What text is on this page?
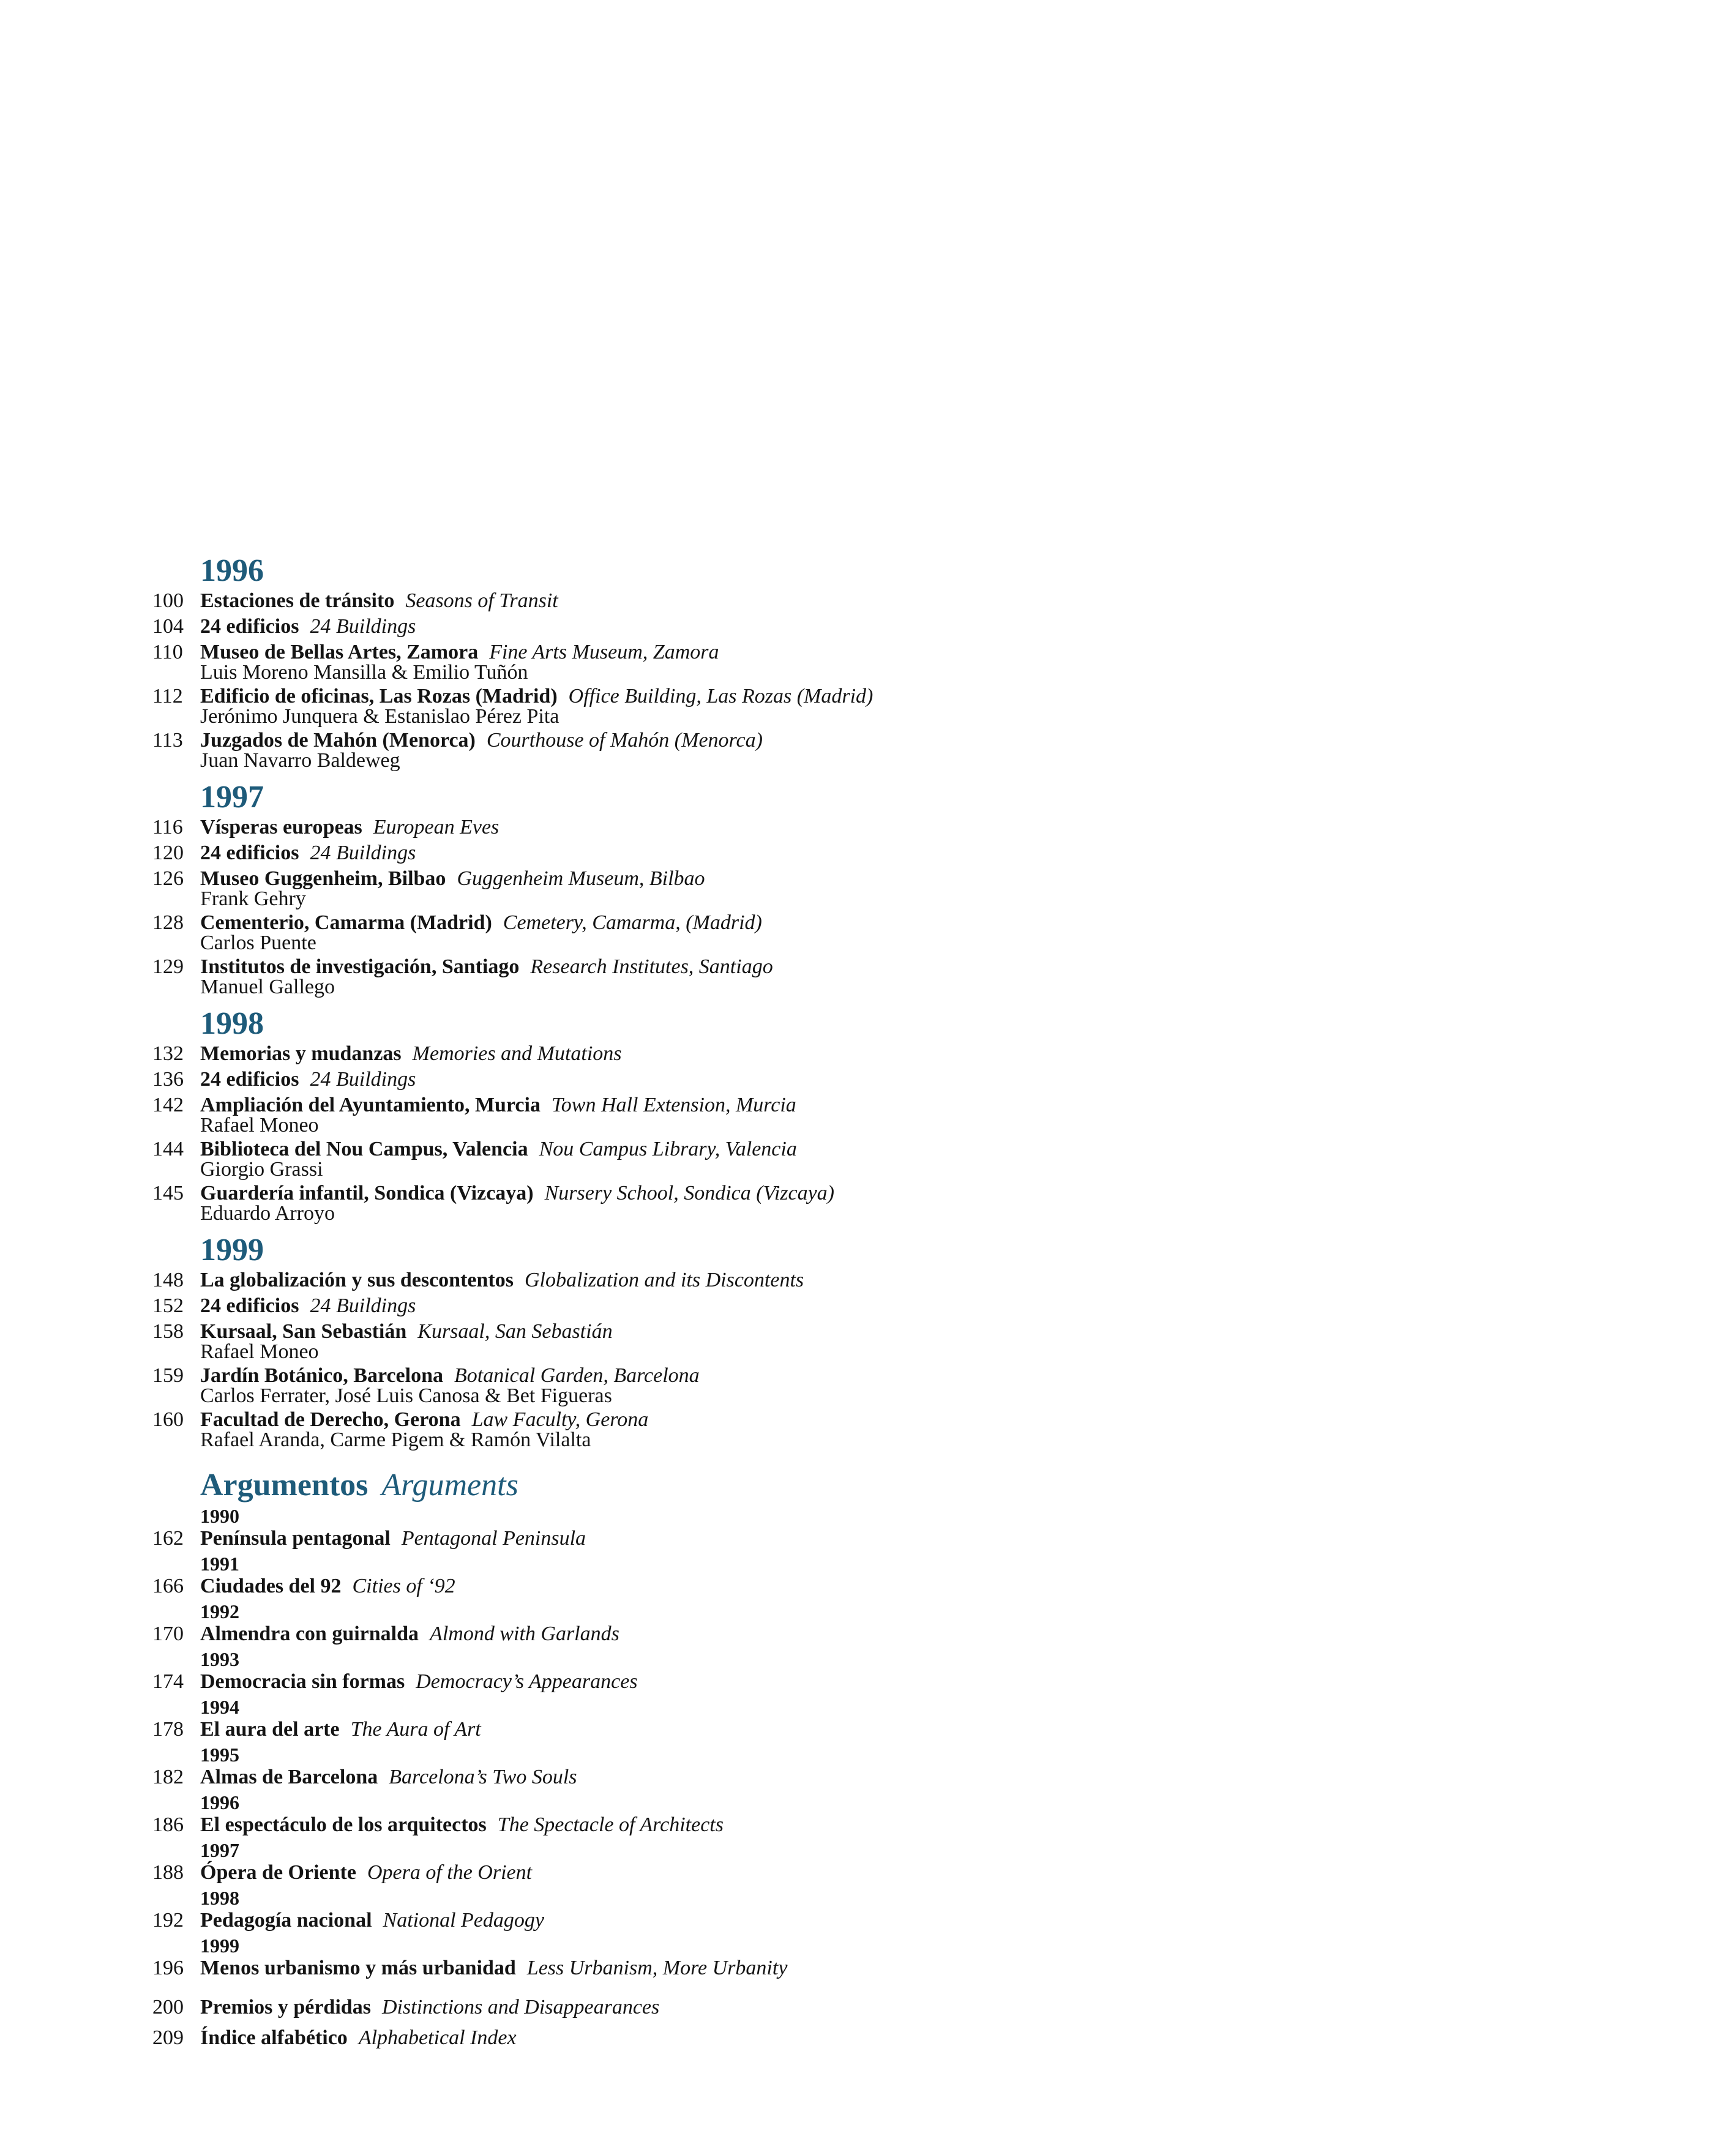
1996
100 Estaciones de tránsito Seasons of Transit
104 24 edificios 24 Buildings
110 Museo de Bellas Artes, Zamora Fine Arts Museum, Zamora
Luis Moreno Mansilla & Emilio Tuñón
112 Edificio de oficinas, Las Rozas (Madrid) Office Building, Las Rozas (Madrid)
Jerónimo Junquera & Estanislao Pérez Pita
113 Juzgados de Mahón (Menorca) Courthouse of Mahón (Menorca)
Juan Navarro Baldeweg
1997
116 Vísperas europeas European Eves
120 24 edificios 24 Buildings
126 Museo Guggenheim, Bilbao Guggenheim Museum, Bilbao
Frank Gehry
128 Cementerio, Camarma (Madrid) Cemetery, Camarma, (Madrid)
Carlos Puente
129 Institutos de investigación, Santiago Research Institutes, Santiago
Manuel Gallego
1998
132 Memorias y mudanzas Memories and Mutations
136 24 edificios 24 Buildings
142 Ampliación del Ayuntamiento, Murcia Town Hall Extension, Murcia
Rafael Moneo
144 Biblioteca del Nou Campus, Valencia Nou Campus Library, Valencia
Giorgio Grassi
145 Guardería infantil, Sondica (Vizcaya) Nursery School, Sondica (Vizcaya)
Eduardo Arroyo
1999
148 La globalización y sus descontentos Globalization and its Discontents
152 24 edificios 24 Buildings
158 Kursaal, San Sebastián Kursaal, San Sebastián
Rafael Moneo
159 Jardín Botánico, Barcelona Botanical Garden, Barcelona
Carlos Ferrater, José Luis Canosa & Bet Figueras
160 Facultad de Derecho, Gerona Law Faculty, Gerona
Rafael Aranda, Carme Pigem & Ramón Vilalta
Argumentos Arguments
1990
162 Península pentagonal Pentagonal Peninsula
1991
166 Ciudades del 92 Cities of ‘92
1992
170 Almendra con guirnalda Almond with Garlands
1993
174 Democracia sin formas Democracy’s Appearances
1994
178 El aura del arte The Aura of Art
1995
182 Almas de Barcelona Barcelona’s Two Souls
1996
186 El espectáculo de los arquitectos The Spectacle of Architects
1997
188 Ópera de Oriente Opera of the Orient
1998
192 Pedagogía nacional National Pedagogy
1999
196 Menos urbanismo y más urbanidad Less Urbanism, More Urbanity
200 Premios y pérdidas Distinctions and Disappearances
209 Índice alfabético Alphabetical Index
